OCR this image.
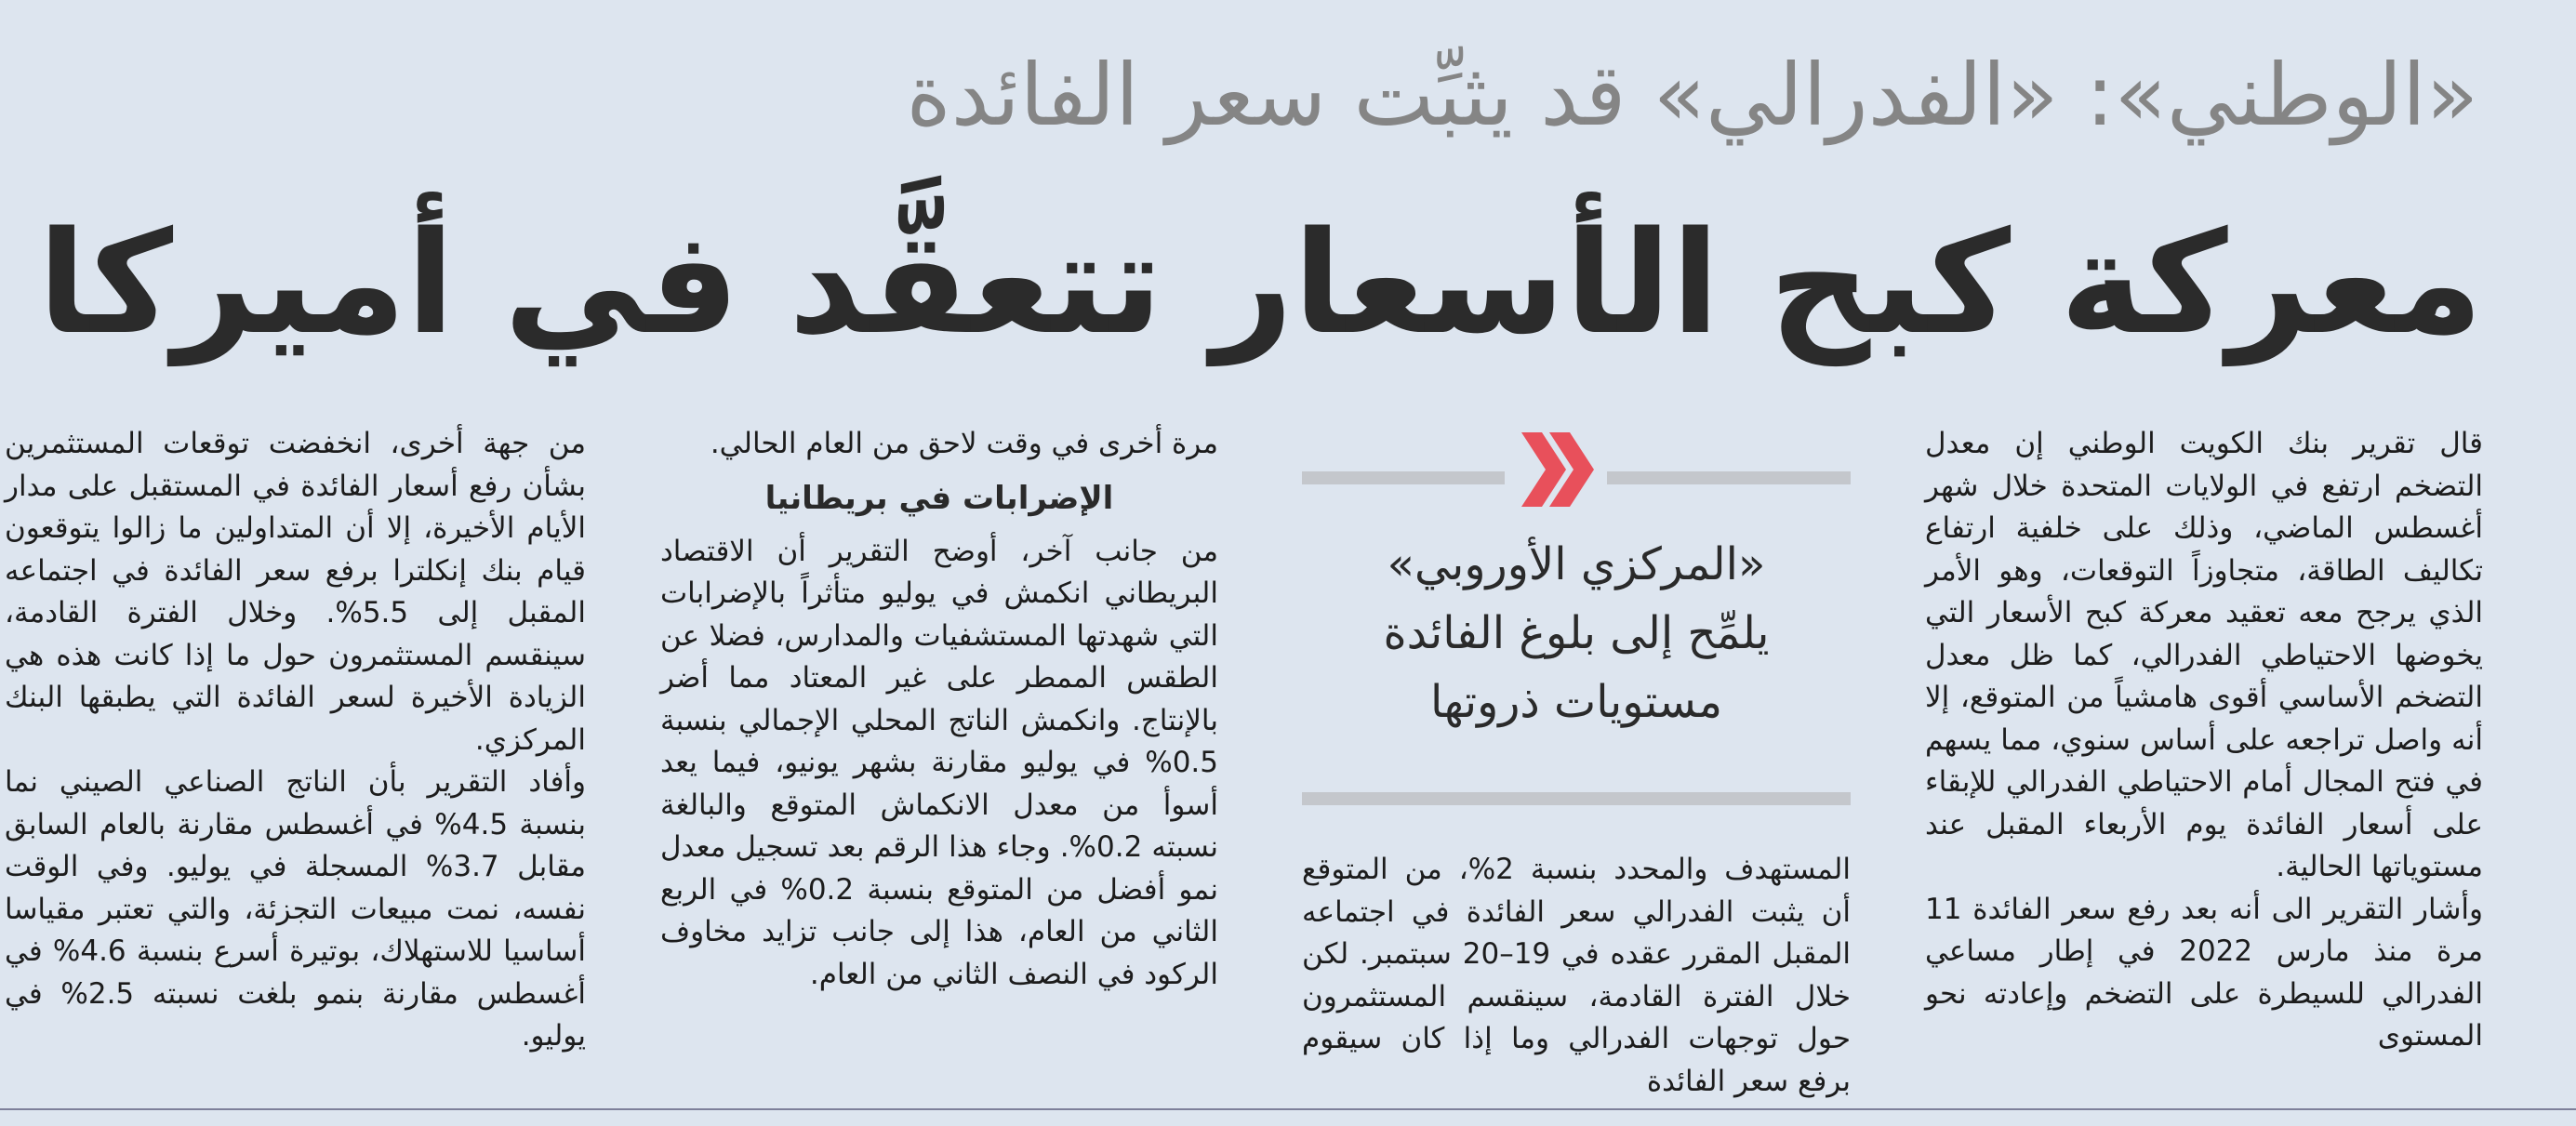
«الوطني»: «الفدرالي» قد يثبِّت سعر الفائدة
معركة كبح الأسعار تتعقَّد في أميركا

قال تقرير بنك الكويت الوطني إن معدل التضخم ارتفع في الولايات المتحدة خلال شهر أغسطس الماضي، وذلك على خلفية ارتفاع تكاليف الطاقة، متجاوزاً التوقعات، وهو الأمر الذي يرجح معه تعقيد معركة كبح الأسعار التي يخوضها الاحتياطي الفدرالي، كما ظل معدل التضخم الأساسي أقوى هامشياً من المتوقع، إلا أنه واصل تراجعه على أساس سنوي، مما يسهم في فتح المجال أمام الاحتياطي الفدرالي للإبقاء على أسعار الفائدة يوم الأربعاء المقبل عند مستوياتها الحالية.

وأشار التقرير الى أنه بعد رفع سعر الفائدة 11 مرة منذ مارس 2022 في إطار مساعي الفدرالي للسيطرة على التضخم وإعادته نحو المستوى

«المركزي الأوروبي»
يلمِّح إلى بلوغ الفائدة
مستويات ذروتها

المستهدف والمحدد بنسبة 2%، من المتوقع أن يثبت الفدرالي سعر الفائدة في اجتماعه المقبل المقرر عقده في 19–20 سبتمبر. لكن خلال الفترة القادمة، سينقسم المستثمرون حول توجهات الفدرالي وما إذا كان سيقوم برفع سعر الفائدة

مرة أخرى في وقت لاحق من العام الحالي.

الإضرابات في بريطانيا

من جانب آخر، أوضح التقرير أن الاقتصاد البريطاني انكمش في يوليو متأثراً بالإضرابات التي شهدتها المستشفيات والمدارس، فضلا عن الطقس الممطر على غير المعتاد مما أضر بالإنتاج. وانكمش الناتج المحلي الإجمالي بنسبة 0.5% في يوليو مقارنة بشهر يونيو، فيما يعد أسوأ من معدل الانكماش المتوقع والبالغة نسبته 0.2%. وجاء هذا الرقم بعد تسجيل معدل نمو أفضل من المتوقع بنسبة 0.2% في الربع الثاني من العام، هذا إلى جانب تزايد مخاوف الركود في النصف الثاني من العام.

من جهة أخرى، انخفضت توقعات المستثمرين بشأن رفع أسعار الفائدة في المستقبل على مدار الأيام الأخيرة، إلا أن المتداولين ما زالوا يتوقعون قيام بنك إنكلترا برفع سعر الفائدة في اجتماعه المقبل إلى 5.5%. وخلال الفترة القادمة، سينقسم المستثمرون حول ما إذا كانت هذه هي الزيادة الأخيرة لسعر الفائدة التي يطبقها البنك المركزي.

وأفاد التقرير بأن الناتج الصناعي الصيني نما بنسبة 4.5% في أغسطس مقارنة بالعام السابق مقابل 3.7% المسجلة في يوليو. وفي الوقت نفسه، نمت مبيعات التجزئة، والتي تعتبر مقياسا أساسيا للاستهلاك، بوتيرة أسرع بنسبة 4.6% في أغسطس مقارنة بنمو بلغت نسبته 2.5% في يوليو.
